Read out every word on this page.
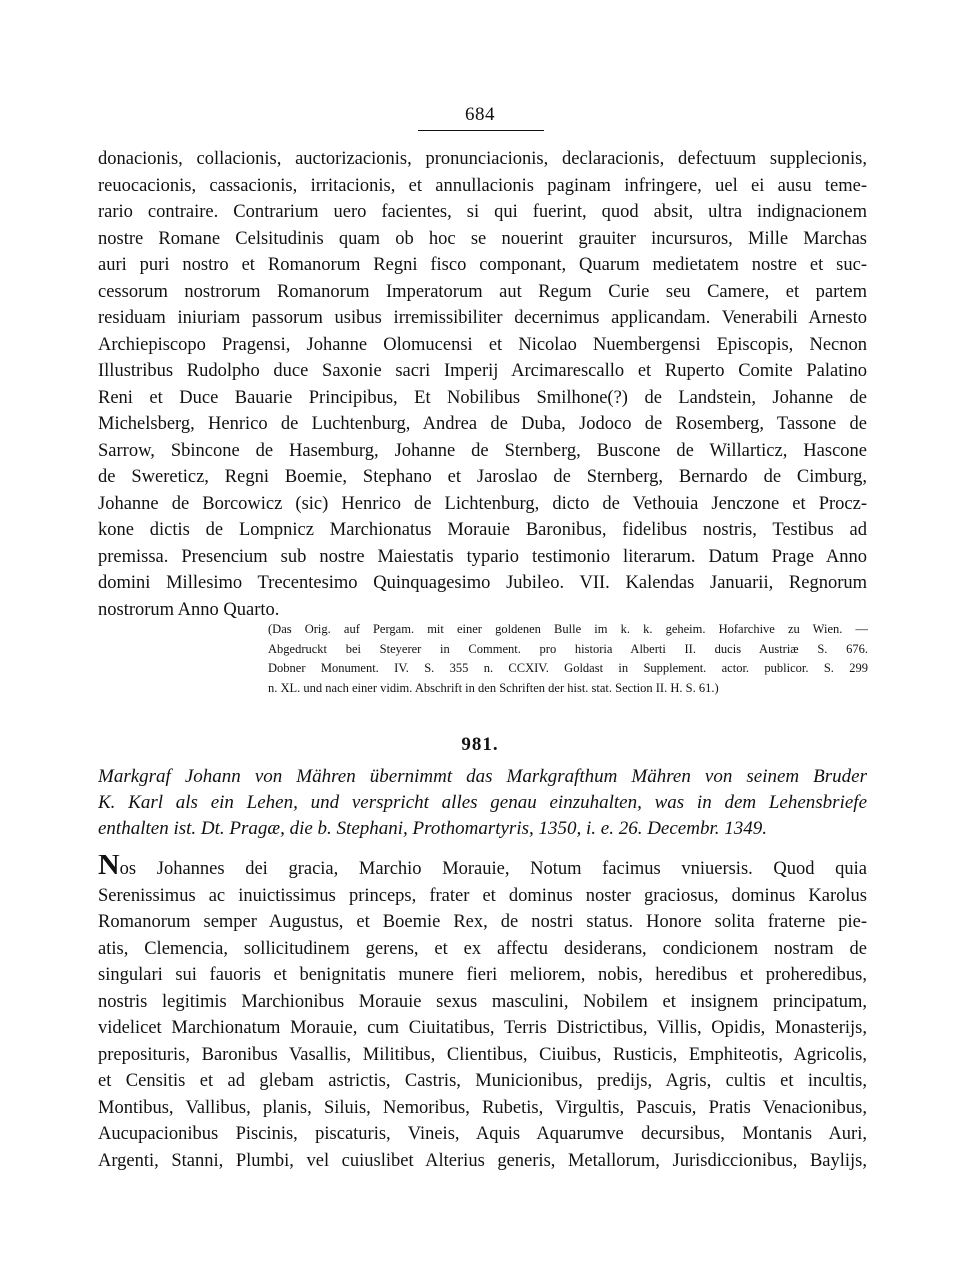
684

donacionis, collacionis, auctorizacionis, pronunciacionis, declaracionis, defectuum supplecionis,
reuocacionis, cassacionis, irritacionis, et annullacionis paginam infringere, uel ei ausu teme-
rario contraire. Contrarium uero facientes, si qui fuerint, quod absit, ultra indignacionem
nostre Romane Celsitudinis quam ob hoc se nouerint grauiter incursuros, Mille Marchas
auri puri nostro et Romanorum Regni fisco componant, Quarum medietatem nostre et suc-
cessorum nostrorum Romanorum Imperatorum aut Regum Curie seu Camere, et partem
residuam iniuriam passorum usibus irremissibiliter decernimus applicandam. Venerabili Arnesto
Archiepiscopo Pragensi, Johanne Olomucensi et Nicolao Nuembergensi Episcopis, Necnon
Illustribus Rudolpho duce Saxonie sacri Imperij Arcimarescallo et Ruperto Comite Palatino
Reni et Duce Bauarie Principibus, Et Nobilibus Smilhone(?) de Landstein, Johanne de
Michelsberg, Henrico de Luchtenburg, Andrea de Duba, Jodoco de Rosemberg, Tassone de
Sarrow, Sbincone de Hasemburg, Johanne de Sternberg, Buscone de Willarticz, Hascone
de Swereticz, Regni Boemie, Stephano et Jaroslao de Sternberg, Bernardo de Cimburg,
Johanne de Borcowicz (sic) Henrico de Lichtenburg, dicto de Vethouia Jenczone et Procz-
kone dictis de Lompnicz Marchionatus Morauie Baronibus, fidelibus nostris, Testibus ad
premissa. Presencium sub nostre Maiestatis typario testimonio literarum. Datum Prage Anno
domini Millesimo Trecentesimo Quinquagesimo Jubileo. VII. Kalendas Januarii, Regnorum
nostrorum Anno Quarto.

(Das Orig. auf Pergam. mit einer goldenen Bulle im k. k. geheim. Hofarchive zu Wien. —
Abgedruckt bei Steyerer in Comment. pro historia Alberti II. ducis Austriæ S. 676.
Dobner Monument. IV. S. 355 n. CCXIV. Goldast in Supplement. actor. publicor. S. 299
n. XL. und nach einer vidim. Abschrift in den Schriften der hist. stat. Section II. H. S. 61.)
981.
Markgraf Johann von Mähren übernimmt das Markgrafthum Mähren von seinem Bruder
K. Karl als ein Lehen, und verspricht alles genau einzuhalten, was in dem Lehensbriefe
enthalten ist. Dt. Pragæ, die b. Stephani, Prothomartyris, 1350, i. e. 26. Decembr. 1349.

Nos Johannes dei gracia, Marchio Morauie, Notum facimus vniuersis. Quod quia
Serenissimus ac inuictissimus princeps, frater et dominus noster graciosus, dominus Karolus
Romanorum semper Augustus, et Boemie Rex, de nostri status. Honore solita fraterne pie-
atis, Clemencia, sollicitudinem gerens, et ex affectu desiderans, condicionem nostram de
singulari sui fauoris et benignitatis munere fieri meliorem, nobis, heredibus et proheredibus,
nostris legitimis Marchionibus Morauie sexus masculini, Nobilem et insignem principatum,
videlicet Marchionatum Morauie, cum Ciuitatibus, Terris Districtibus, Villis, Opidis, Monasterijs,
prepositurіs, Baronibus Vasallis, Militibus, Clientibus, Ciuibus, Rusticis, Emphiteotis, Agricolis,
et Censitis et ad glebam astrictis, Castris, Municionibus, predijs, Agris, cultis et incultis,
Montibus, Vallibus, planis, Siluis, Nemoribus, Rubetis, Virgultis, Pascuis, Pratis Venacionibus,
Aucupacionibus Piscinis, piscaturis, Vineis, Aquis Aquarumve decursibus, Montanis Auri,
Argenti, Stanni, Plumbi, vel cuiuslibet Alterius generis, Metallorum, Jurisdiccionibus, Baylijs,
